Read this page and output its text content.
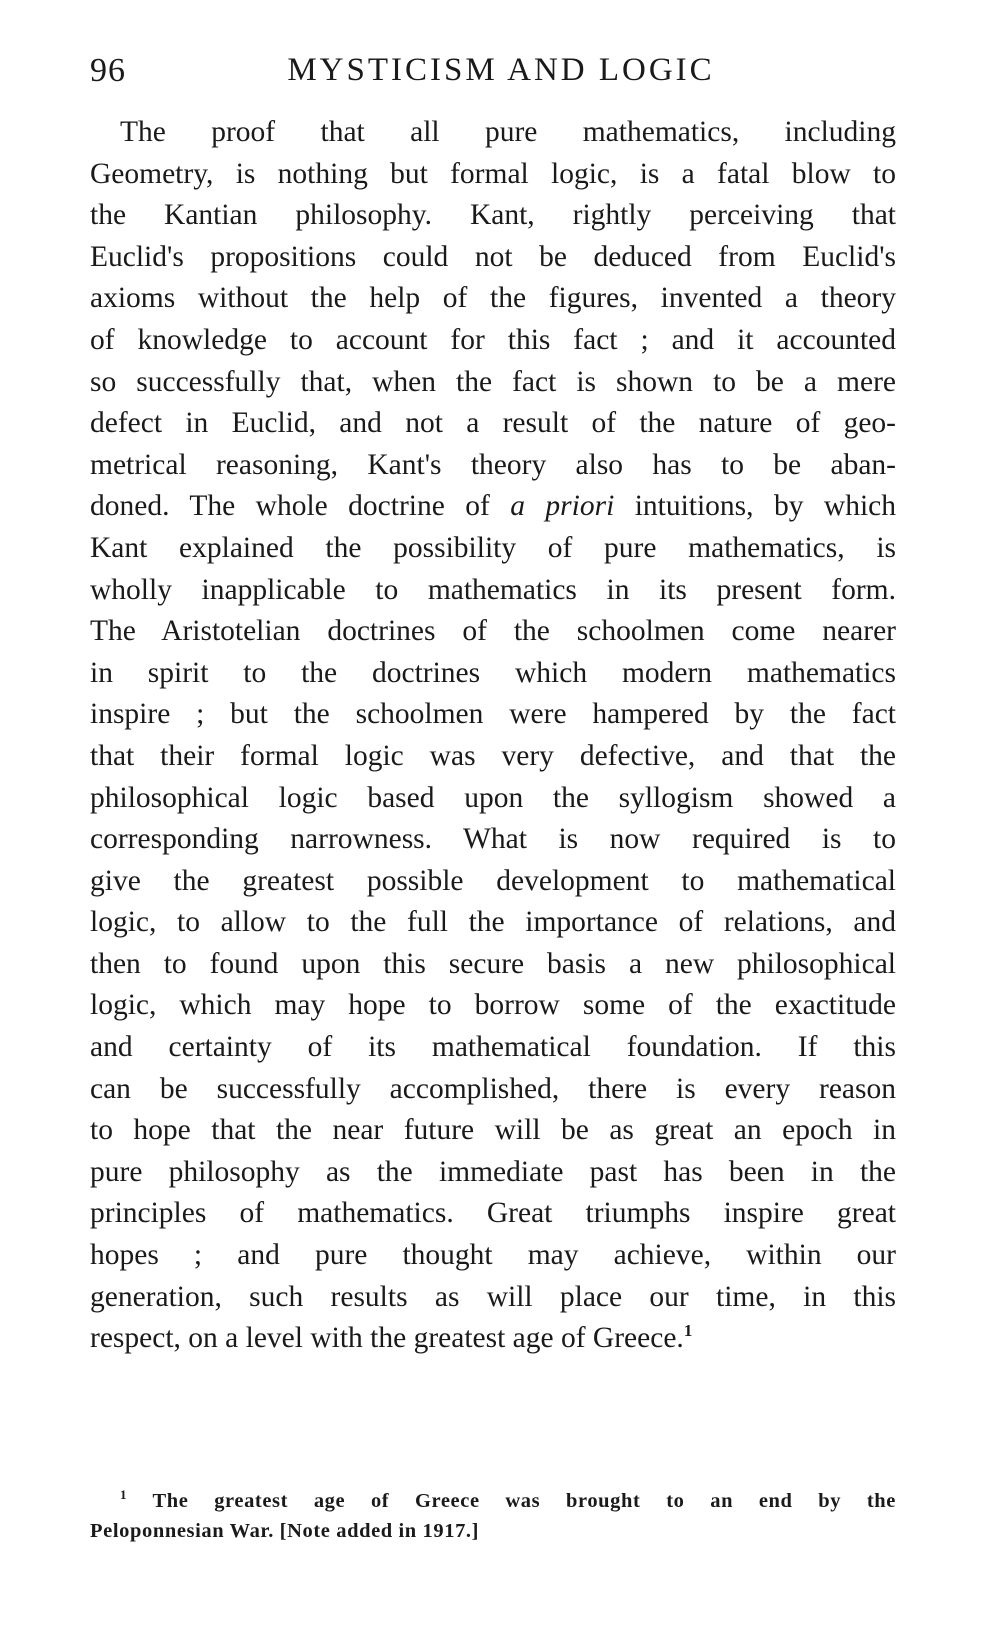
96	MYSTICISM AND LOGIC
The proof that all pure mathematics, including
Geometry, is nothing but formal logic, is a fatal blow to
the Kantian philosophy. Kant, rightly perceiving that
Euclid's propositions could not be deduced from Euclid's
axioms without the help of the figures, invented a theory
of knowledge to account for this fact ; and it accounted
so successfully that, when the fact is shown to be a mere
defect in Euclid, and not a result of the nature of geo-
metrical reasoning, Kant's theory also has to be aban-
doned. The whole doctrine of a priori intuitions, by which
Kant explained the possibility of pure mathematics, is
wholly inapplicable to mathematics in its present form.
The Aristotelian doctrines of the schoolmen come nearer
in spirit to the doctrines which modern mathematics
inspire ; but the schoolmen were hampered by the fact
that their formal logic was very defective, and that the
philosophical logic based upon the syllogism showed a
corresponding narrowness. What is now required is to
give the greatest possible development to mathematical
logic, to allow to the full the importance of relations, and
then to found upon this secure basis a new philosophical
logic, which may hope to borrow some of the exactitude
and certainty of its mathematical foundation. If this
can be successfully accomplished, there is every reason
to hope that the near future will be as great an epoch in
pure philosophy as the immediate past has been in the
principles of mathematics. Great triumphs inspire great
hopes ; and pure thought may achieve, within our
generation, such results as will place our time, in this
respect, on a level with the greatest age of Greece.$^1$
$^1$ The greatest age of Greece was brought to an end by the
Peloponnesian War. [Note added in 1917.]
